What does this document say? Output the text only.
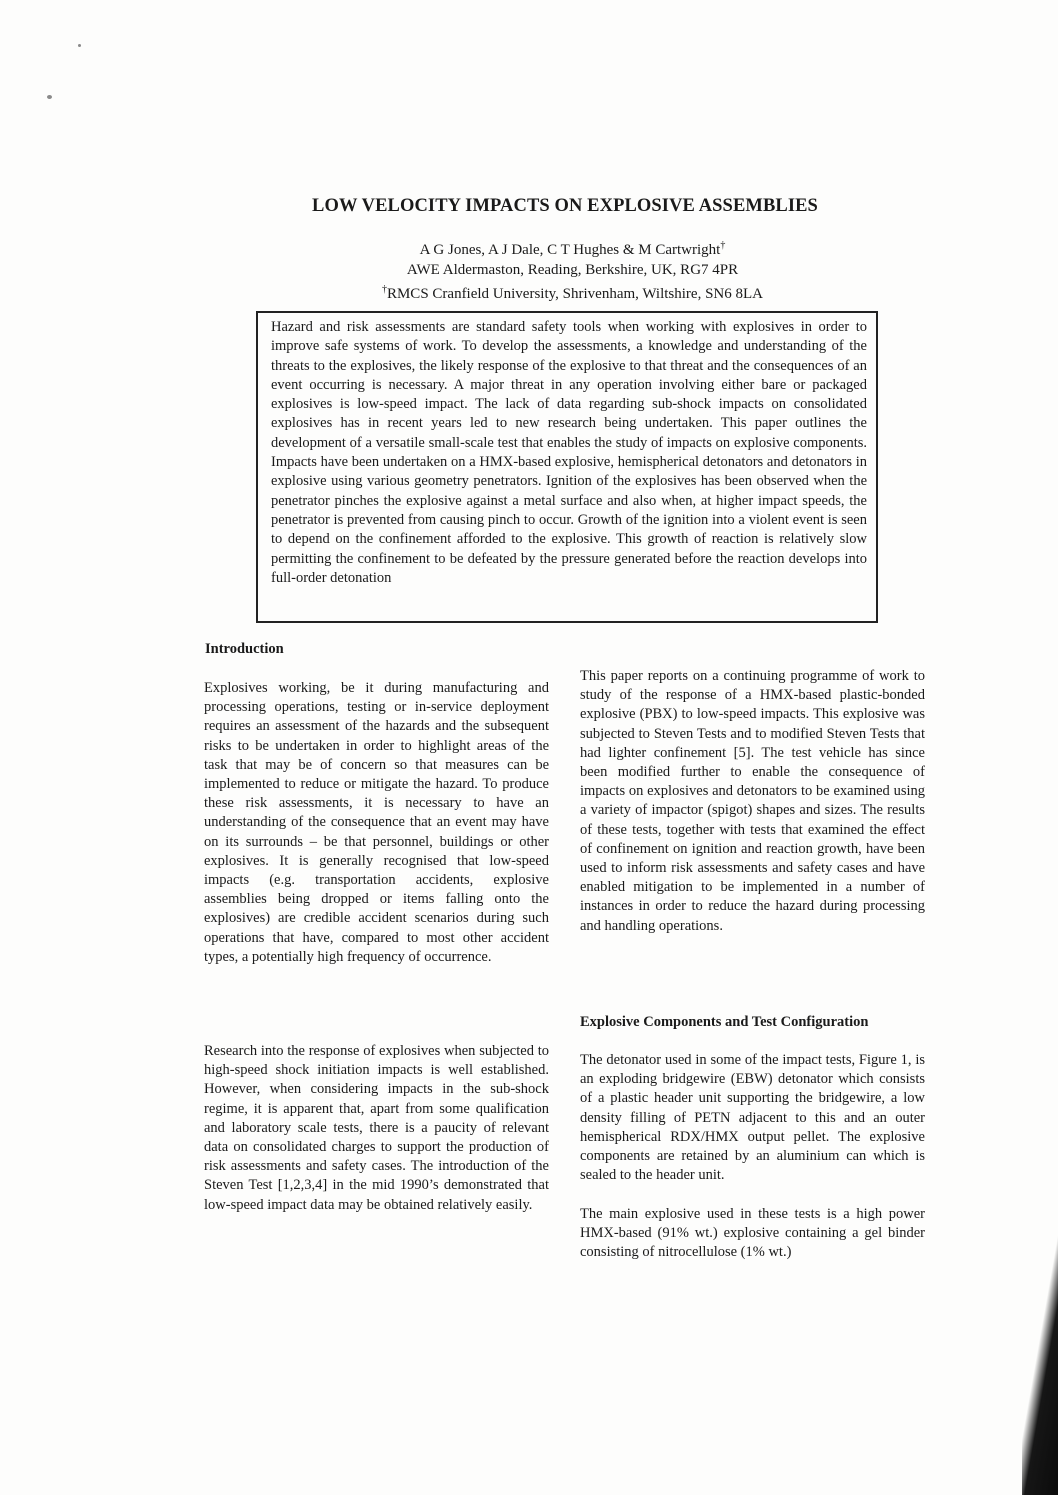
LOW VELOCITY IMPACTS ON EXPLOSIVE ASSEMBLIES
A G Jones, A J Dale, C T Hughes & M Cartwright†
AWE Aldermaston, Reading, Berkshire, UK, RG7 4PR
†RMCS Cranfield University, Shrivenham, Wiltshire, SN6 8LA
Hazard and risk assessments are standard safety tools when working with explosives in order to improve safe systems of work. To develop the assessments, a knowledge and understanding of the threats to the explosives, the likely response of the explosive to that threat and the consequences of an event occurring is necessary. A major threat in any operation involving either bare or packaged explosives is low-speed impact. The lack of data regarding sub-shock impacts on consolidated explosives has in recent years led to new research being undertaken. This paper outlines the development of a versatile small-scale test that enables the study of impacts on explosive components. Impacts have been undertaken on a HMX-based explosive, hemispherical detonators and detonators in explosive using various geometry penetrators. Ignition of the explosives has been observed when the penetrator pinches the explosive against a metal surface and also when, at higher impact speeds, the penetrator is prevented from causing pinch to occur. Growth of the ignition into a violent event is seen to depend on the confinement afforded to the explosive. This growth of reaction is relatively slow permitting the confinement to be defeated by the pressure generated before the reaction develops into full-order detonation
Introduction

Explosives working, be it during manufacturing and processing operations, testing or in-service deployment requires an assessment of the hazards and the subsequent risks to be undertaken in order to highlight areas of the task that may be of concern so that measures can be implemented to reduce or mitigate the hazard. To produce these risk assessments, it is necessary to have an understanding of the consequence that an event may have on its surrounds – be that personnel, buildings or other explosives. It is generally recognised that low-speed impacts (e.g. transportation accidents, explosive assemblies being dropped or items falling onto the explosives) are credible accident scenarios during such operations that have, compared to most other accident types, a potentially high frequency of occurrence.

Research into the response of explosives when subjected to high-speed shock initiation impacts is well established. However, when considering impacts in the sub-shock regime, it is apparent that, apart from some qualification and laboratory scale tests, there is a paucity of relevant data on consolidated charges to support the production of risk assessments and safety cases. The introduction of the Steven Test [1,2,3,4] in the mid 1990’s demonstrated that low-speed impact data may be obtained relatively easily.

This paper reports on a continuing programme of work to study of the response of a HMX-based plastic-bonded explosive (PBX) to low-speed impacts. This explosive was subjected to Steven Tests and to modified Steven Tests that had lighter confinement [5]. The test vehicle has since been modified further to enable the consequence of impacts on explosives and detonators to be examined using a variety of impactor (spigot) shapes and sizes. The results of these tests, together with tests that examined the effect of confinement on ignition and reaction growth, have been used to inform risk assessments and safety cases and have enabled mitigation to be implemented in a number of instances in order to reduce the hazard during processing and handling operations.

Explosive Components and Test Configuration

The detonator used in some of the impact tests, Figure 1, is an exploding bridgewire (EBW) detonator which consists of a plastic header unit supporting the bridgewire, a low density filling of PETN adjacent to this and an outer hemispherical RDX/HMX output pellet. The explosive components are retained by an aluminium can which is sealed to the header unit.

The main explosive used in these tests is a high power HMX-based (91% wt.) explosive containing a gel binder consisting of nitrocellulose (1% wt.)
